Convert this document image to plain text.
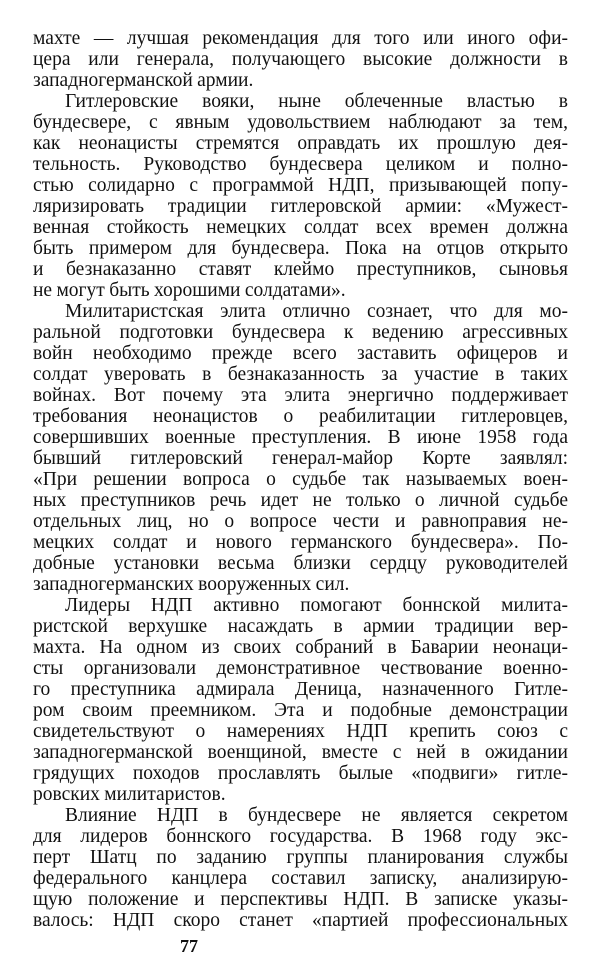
махте — лучшая рекомендация для того или иного офи-
цера или генерала, получающего высокие должности в
западногерманской армии.
Гитлеровские вояки, ныне облеченные властью в
бундесвере, с явным удовольствием наблюдают за тем,
как неонацисты стремятся оправдать их прошлую дея-
тельность. Руководство бундесвера целиком и полно-
стью солидарно с программой НДП, призывающей попу-
ляризировать традиции гитлеровской армии: «Мужест-
венная стойкость немецких солдат всех времен должна
быть примером для бундесвера. Пока на отцов открыто
и безнаказанно ставят клеймо преступников, сыновья
не могут быть хорошими солдатами».
Милитаристская элита отлично сознает, что для мо-
ральной подготовки бундесвера к ведению агрессивных
войн необходимо прежде всего заставить офицеров и
солдат уверовать в безнаказанность за участие в таких
войнах. Вот почему эта элита энергично поддерживает
требования неонацистов о реабилитации гитлеровцев,
совершивших военные преступления. В июне 1958 года
бывший гитлеровский генерал-майор Корте заявлял:
«При решении вопроса о судьбе так называемых воен-
ных преступников речь идет не только о личной судьбе
отдельных лиц, но о вопросе чести и равноправия не-
мецких солдат и нового германского бундесвера». По-
добные установки весьма близки сердцу руководителей
западногерманских вооруженных сил.
Лидеры НДП активно помогают боннской милита-
ристской верхушке насаждать в армии традиции вер-
махта. На одном из своих собраний в Баварии неонаци-
сты организовали демонстративное чествование военно-
го преступника адмирала Деница, назначенного Гитле-
ром своим преемником. Эта и подобные демонстрации
свидетельствуют о намерениях НДП крепить союз с
западногерманской военщиной, вместе с ней в ожидании
грядущих походов прославлять былые «подвиги» гитле-
ровских милитаристов.
Влияние НДП в бундесвере не является секретом
для лидеров боннского государства. В 1968 году экс-
перт Шатц по заданию группы планирования службы
федерального канцлера составил записку, анализирую-
щую положение и перспективы НДП. В записке указы-
валось: НДП скоро станет «партией профессиональных
77
